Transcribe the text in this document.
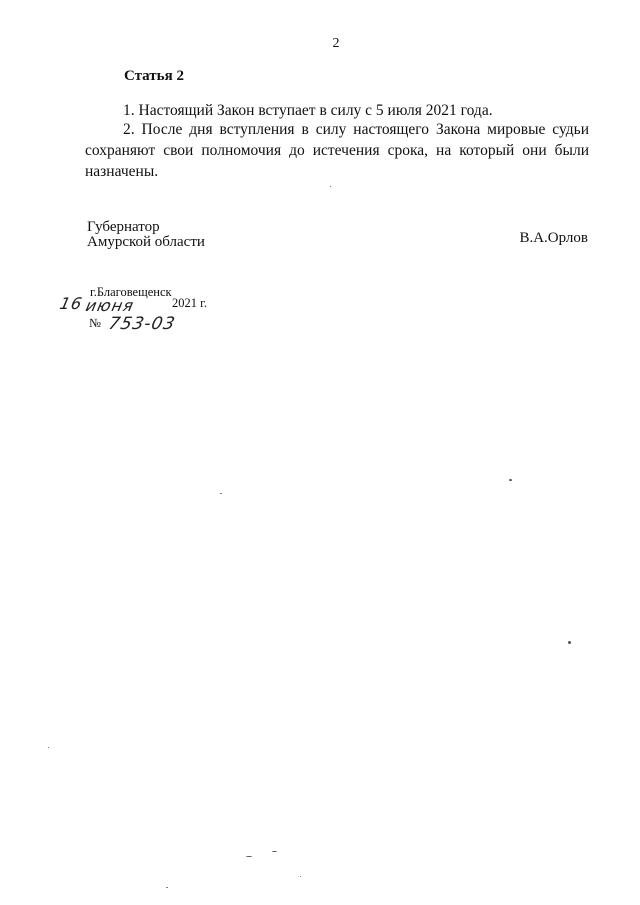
2
Статья 2
1. Настоящий Закон вступает в силу с 5 июля 2021 года.
2. После дня вступления в силу настоящего Закона мировые судьи сохраняют свои полномочия до истечения срока, на который они были назначены.
Губернатор
Амурской области	В.А.Орлов
г.Благовещенск
16 июня	2021 г.
№ 753-03
